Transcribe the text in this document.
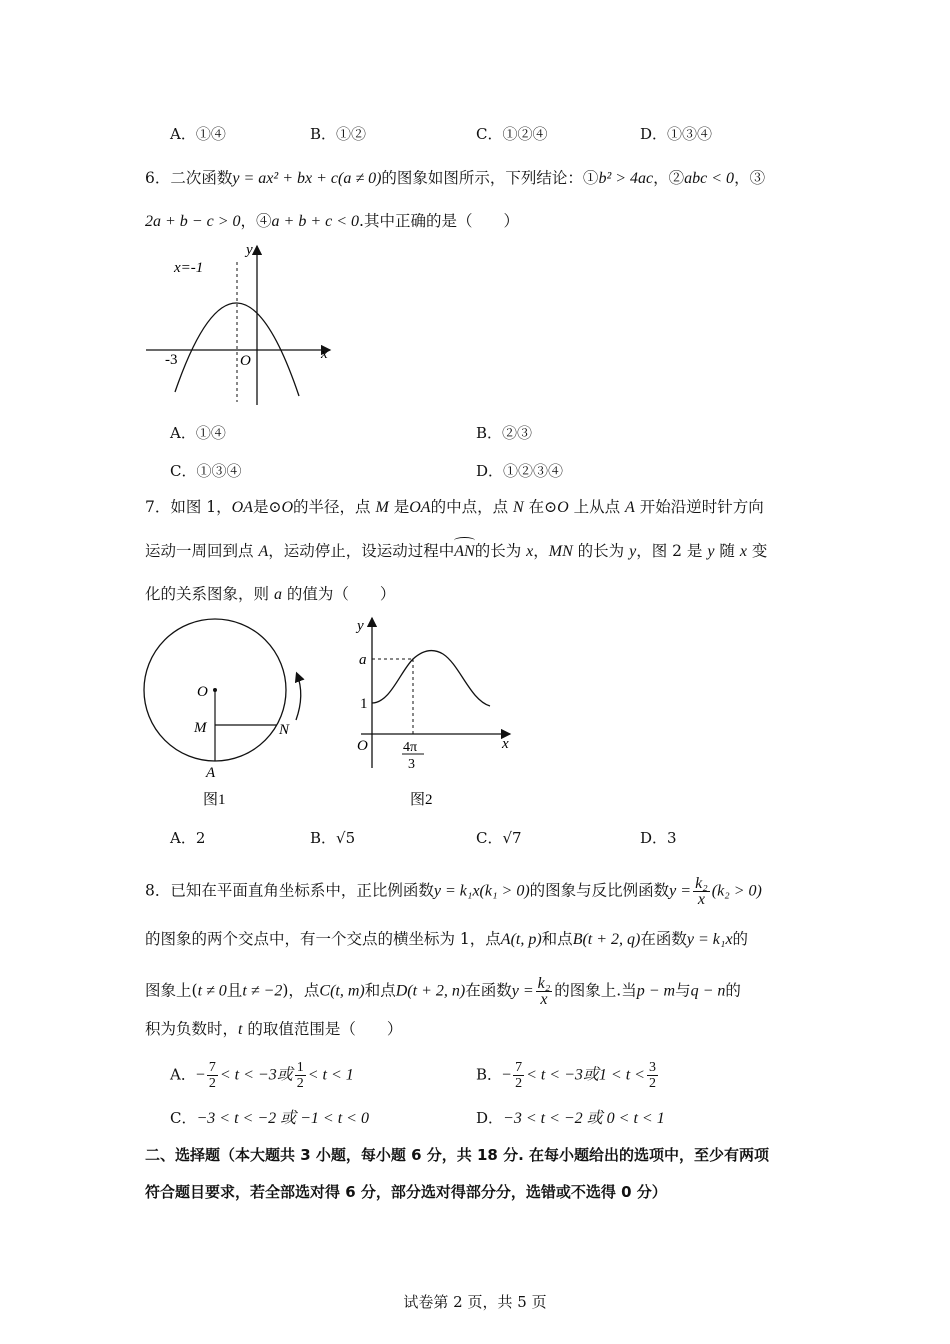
A．①④	B．①②	C．①②④	D．①③④
6．二次函数y = ax² + bx + c(a ≠ 0)的图象如图所示，下列结论：①b² > 4ac，②abc < 0，③
2a + b − c > 0，④a + b + c < 0.其中正确的是（　　）
x=-1
y
x
O
-3
A．①④	B．②③
C．①③④	D．①②③④
7．如图 1，OA是⊙O的半径，点 M 是OA的中点，点 N 在⊙O 上从点 A 开始沿逆时针方向
运动一周回到点 A，运动停止，设运动过程中
AN的长为 x，MN 的长为 y，图 2 是 y 随 x 变
化的关系图象，则 a 的值为（　　）
O
M	N
A
图1
y
x
O
a
1
4π
3
图2
A．2	B．√5	C．√7	D．3
8．已知在平面直角坐标系中，正比例函数y = k₁x(k₁ > 0)的图象与反比例函数$y = \frac{\text{k₂}}{x} (k_2 > 0)$
的图象的两个交点中，有一个交点的横坐标为 1，点A(t, p)和点B(t + 2, q)在函数y = k₁x的
图象上(t ≠ 0且t ≠ −2)，点C(t, m)和点D(t + 2, n)在函数$y = \frac{\text{k₂}}{x}$ 的图象上.当p − m与q − n的
积为负数时，t 的取值范围是（　　）
A．− $\frac{7}{2} < t < -3$或 $\frac{1}{2} < t < 1$	B．− $\frac{7}{2} < t < -3$或$1 < t < \frac{3}{2}$
C．−3 < t < −2 或 −1 < t < 0	D．−3 < t < −2 或 0 < t < 1
二、选择题（本大题共 3 小题，每小题 6 分，共 18 分. 在每小题给出的选项中，至少有两项
符合题目要求，若全部选对得 6 分，部分选对得部分分，选错或不选得 0 分）
试卷第 2 页，共 5 页
